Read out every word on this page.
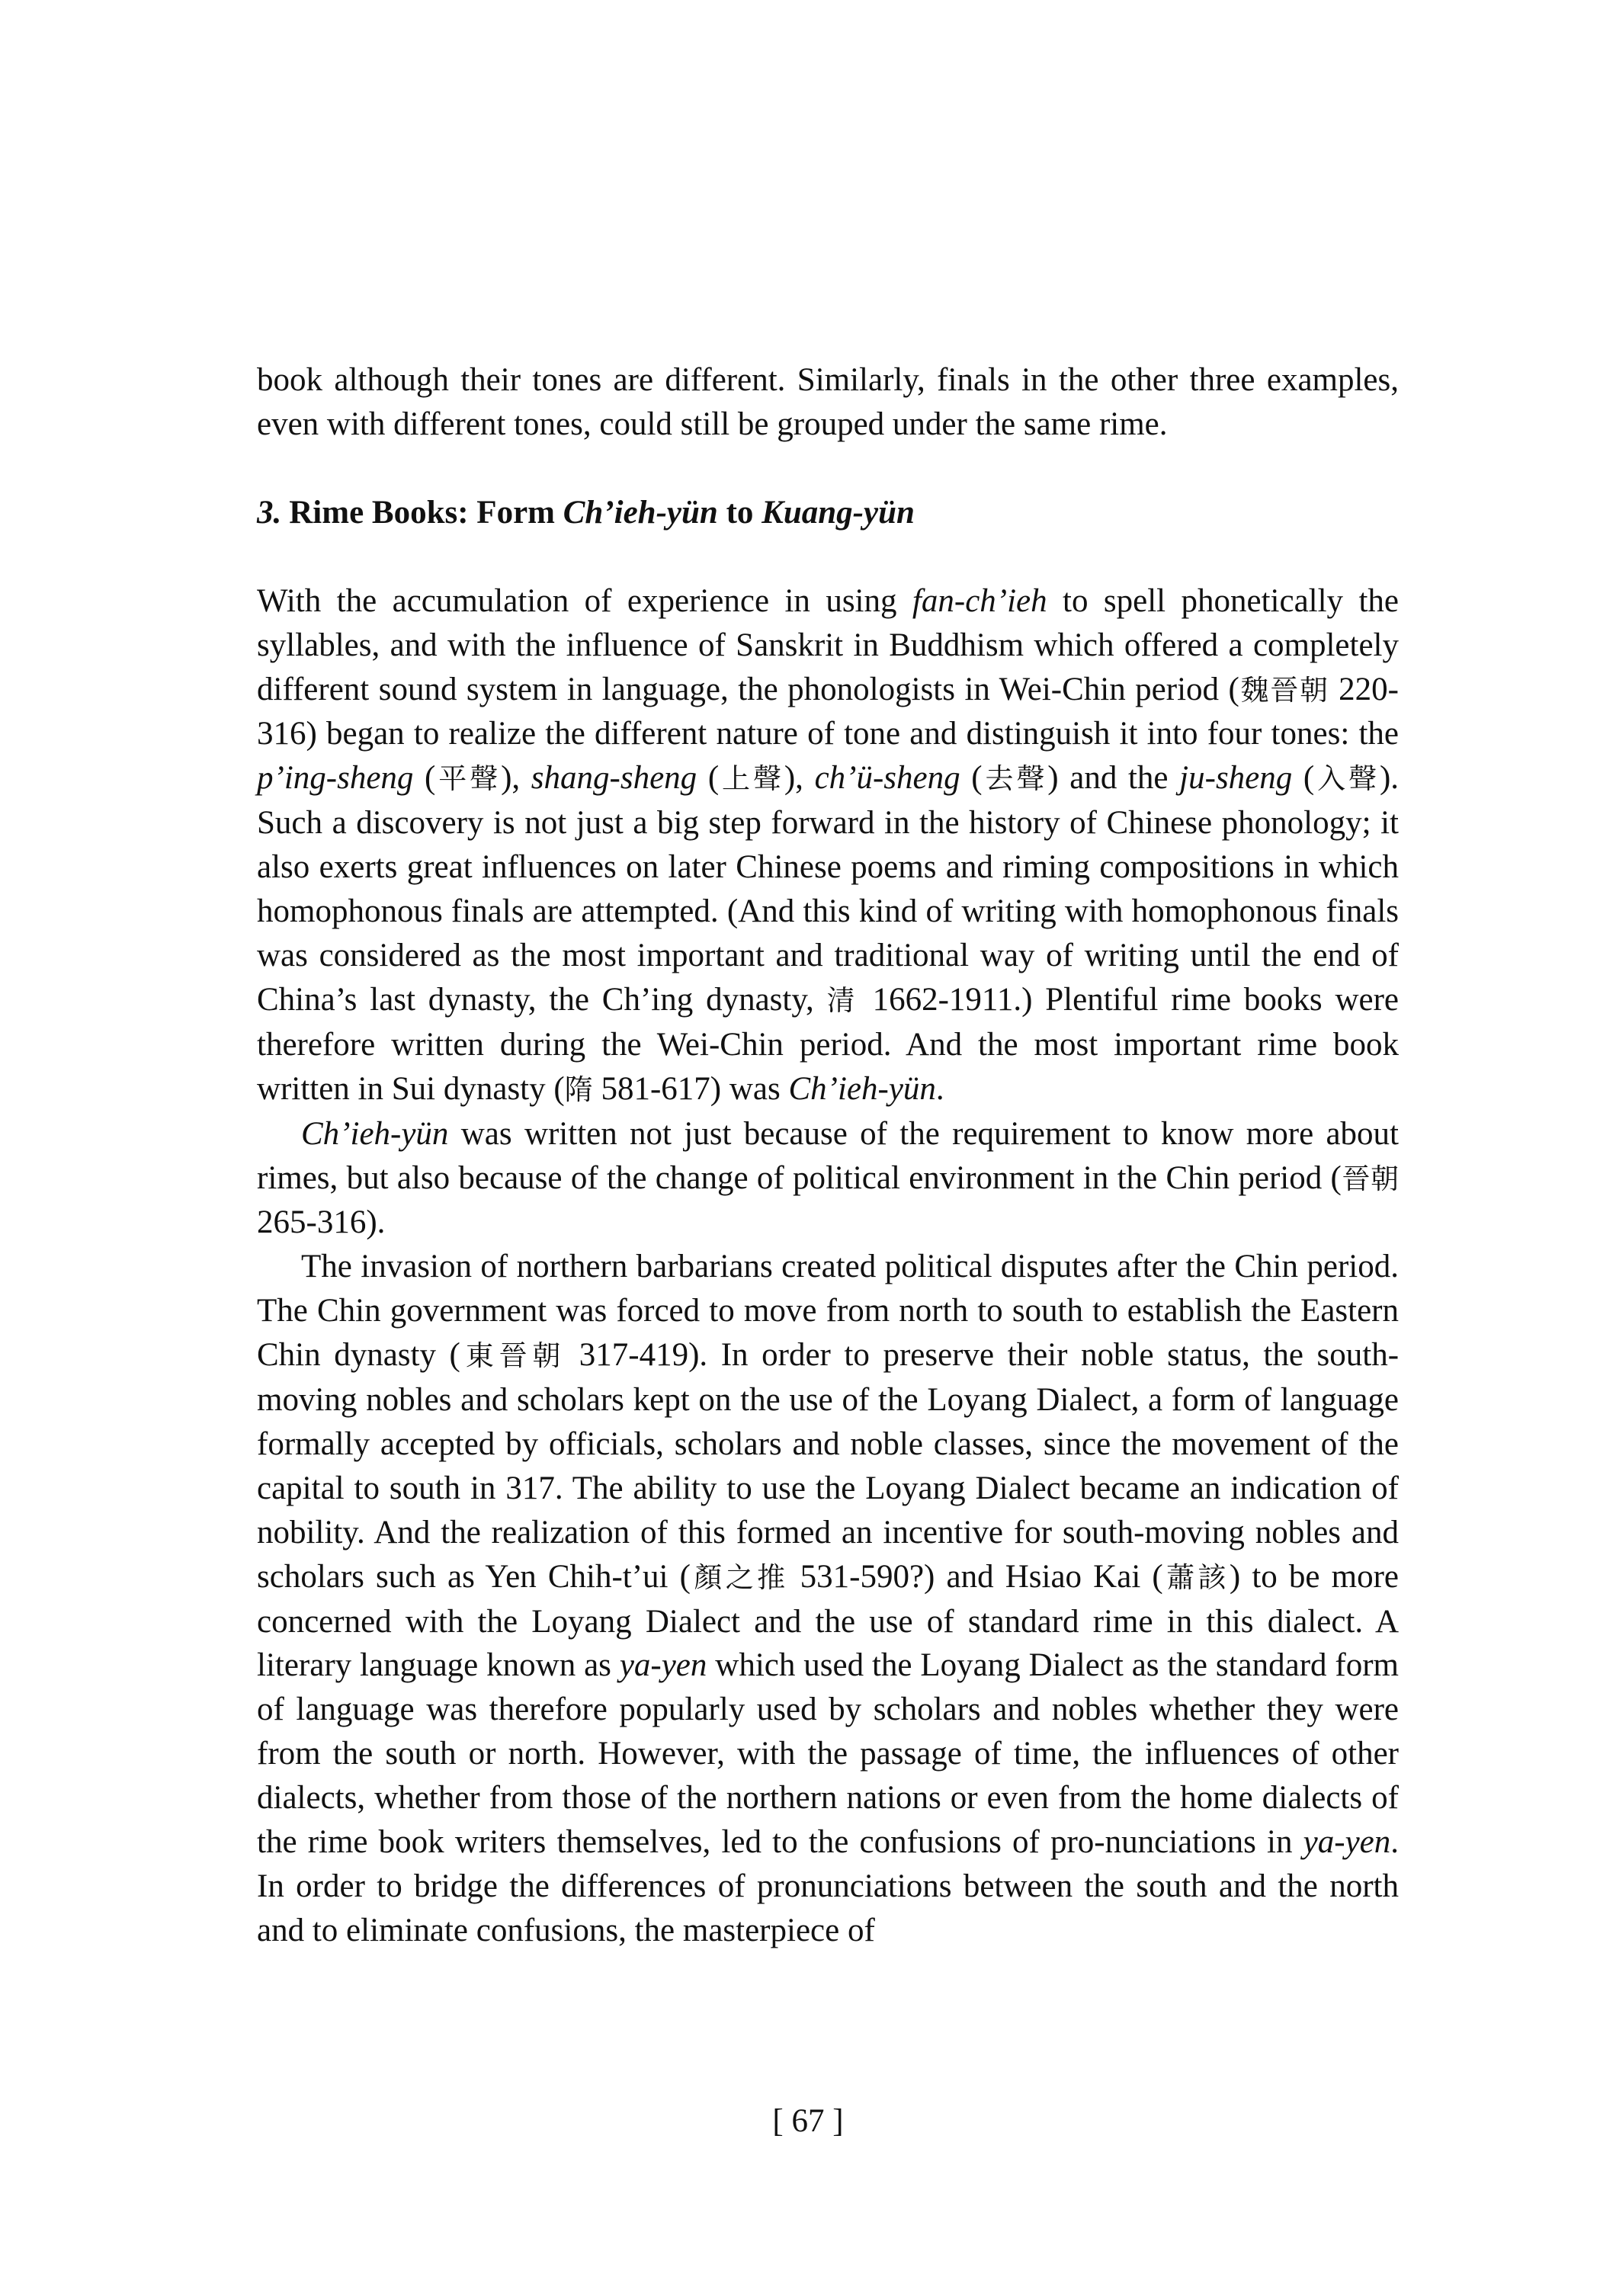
book although their tones are different. Similarly, finals in the other three examples, even with different tones, could still be grouped under the same rime.

3. Rime Books: Form Ch’ieh-yün to Kuang-yün

With the accumulation of experience in using fan-ch’ieh to spell phonetically the syllables, and with the influence of Sanskrit in Buddhism which offered a completely different sound system in language, the phonologists in Wei-Chin period (魏晉朝 220-316) began to realize the different nature of tone and distinguish it into four tones: the p’ing-sheng (平聲), shang-sheng (上聲), ch’ü-sheng (去聲) and the ju-sheng (入聲). Such a discovery is not just a big step forward in the history of Chinese phonology; it also exerts great influences on later Chinese poems and riming compositions in which homophonous finals are attempted. (And this kind of writing with homophonous finals was considered as the most important and traditional way of writing until the end of China’s last dynasty, the Ch’ing dynasty, 清 1662-1911.) Plentiful rime books were therefore written during the Wei-Chin period. And the most important rime book written in Sui dynasty (隋 581-617) was Ch’ieh-yün.

Ch’ieh-yün was written not just because of the requirement to know more about rimes, but also because of the change of political environment in the Chin period (晉朝 265-316).

The invasion of northern barbarians created political disputes after the Chin period. The Chin government was forced to move from north to south to establish the Eastern Chin dynasty (東晉朝 317-419). In order to preserve their noble status, the south-moving nobles and scholars kept on the use of the Loyang Dialect, a form of language formally accepted by officials, scholars and noble classes, since the movement of the capital to south in 317. The ability to use the Loyang Dialect became an indication of nobility. And the realization of this formed an incentive for south-moving nobles and scholars such as Yen Chih-t’ui (顏之推 531-590?) and Hsiao Kai (蕭該) to be more concerned with the Loyang Dialect and the use of standard rime in this dialect. A literary language known as ya-yen which used the Loyang Dialect as the standard form of language was therefore popularly used by scholars and nobles whether they were from the south or north. However, with the passage of time, the influences of other dialects, whether from those of the northern nations or even from the home dialects of the rime book writers themselves, led to the confusions of pro-nunciations in ya-yen. In order to bridge the differences of pronunciations between the south and the north and to eliminate confusions, the masterpiece of

[ 67 ]
